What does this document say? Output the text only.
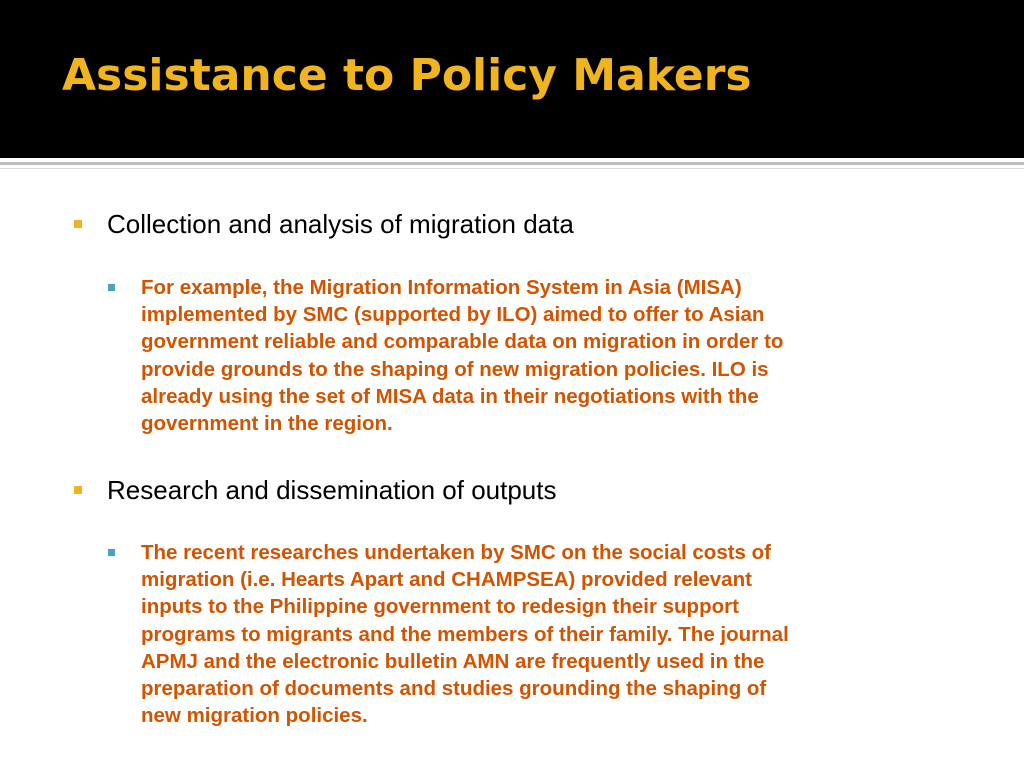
Assistance to Policy Makers
Collection and analysis of migration data
For example, the Migration Information System in Asia (MISA)
implemented by SMC (supported by ILO) aimed to offer to Asian
government reliable and comparable data on migration in order to
provide grounds to the shaping of new migration policies. ILO is
already using the set of MISA data in their negotiations with the
government in the region.
Research and dissemination of outputs
The recent researches undertaken by SMC on the social costs of
migration (i.e. Hearts Apart and CHAMPSEA) provided relevant
inputs to the Philippine government to redesign their support
programs to migrants and the members of their family. The journal
APMJ and the electronic bulletin AMN are frequently used in the
preparation of documents and studies grounding the shaping of
new migration policies.
